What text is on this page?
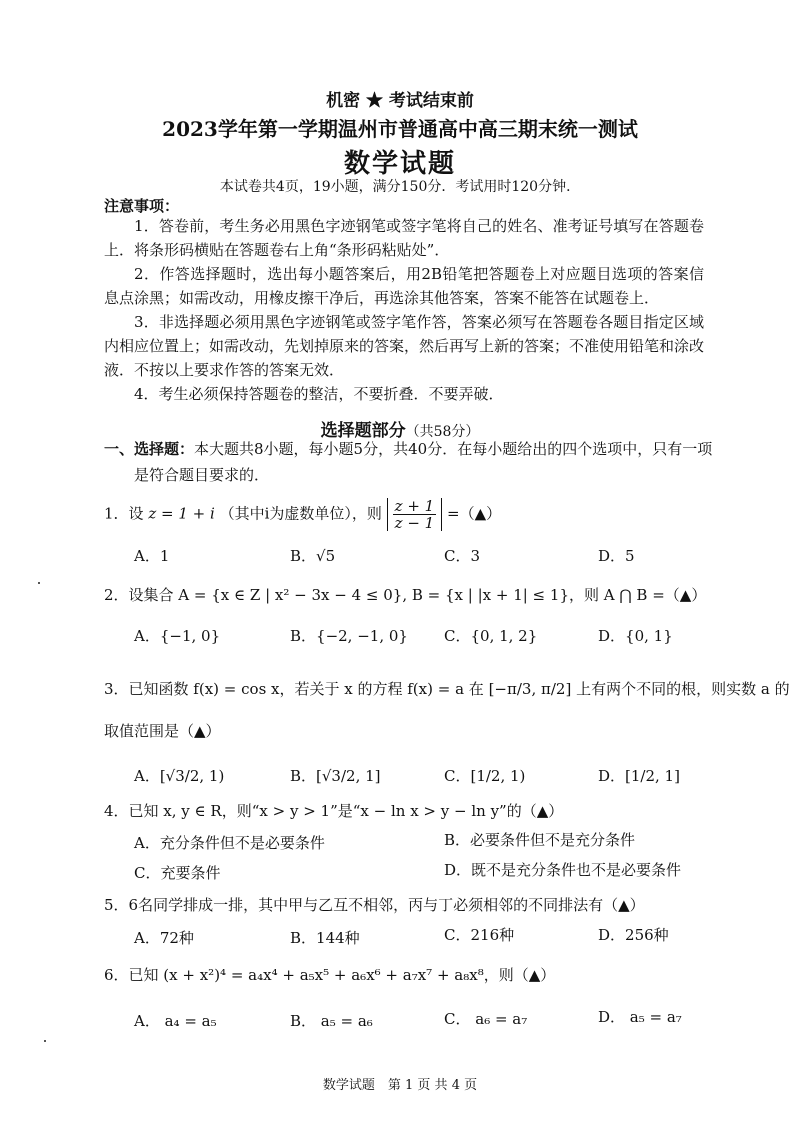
机密 ★ 考试结束前
2023学年第一学期温州市普通高中高三期末统一测试
数学试题
本试卷共4页，19小题，满分150分．考试用时120分钟．
注意事项：

1．答卷前，考生务必用黑色字迹钢笔或签字笔将自己的姓名、准考证号填写在答题卷上．将条形码横贴在答题卷右上角“条形码粘贴处”．

2．作答选择题时，选出每小题答案后，用2B铅笔把答题卷上对应题目选项的答案信息点涂黑；如需改动，用橡皮擦干净后，再选涂其他答案，答案不能答在试题卷上．

3．非选择题必须用黑色字迹钢笔或签字笔作答，答案必须写在答题卷各题目指定区域内相应位置上；如需改动，先划掉原来的答案，然后再写上新的答案；不准使用铅笔和涂改液．不按以上要求作答的答案无效．

4．考生必须保持答题卷的整洁，不要折叠．不要弄破．

选择题部分（共58分）
一、选择题：本大题共8小题，每小题5分，共40分．在每小题给出的四个选项中，只有一项
是符合题目要求的．
1．设 z = 1 + i （其中i为虚数单位），则 $\frac{z + 1}{z - 1}$ =（▲）
A．1	B．√5	C．3	D．5
2．设集合 A = {x ∈ Z | x² − 3x − 4 ≤ 0}, B = {x | |x + 1| ≤ 1}，则 A ⋂ B =（▲）
A．{−1, 0}	B．{−2, −1, 0} C．{0, 1, 2}	D．{0, 1}
3．已知函数 f(x) = cos x，若关于 x 的方程 f(x) = a 在 [−π/3, π/2] 上有两个不同的根，则实数 a 的
取值范围是（▲）
A．[√3/2, 1)	B．[√3/2, 1]	C．[1/2, 1)	D．[1/2, 1]
4．已知 x, y ∈ R，则“x > y > 1”是“x − ln x > y − ln y”的（▲）
A．充分条件但不是必要条件	B．必要条件但不是充分条件
C．充要条件	D．既不是充分条件也不是必要条件
5．6名同学排成一排，其中甲与乙互不相邻，丙与丁必须相邻的不同排法有（▲）
A．72种	B．144种	C．216种	D．256种
6．已知 (x + x²)⁴ = a₄x⁴ + a₅x⁵ + a₆x⁶ + a₇x⁷ + a₈x⁸，则（▲）
A． a₄ = a₅	B． a₅ = a₆	C． a₆ = a₇	D． a₅ = a₇
数学试题　第 1 页 共 4 页
